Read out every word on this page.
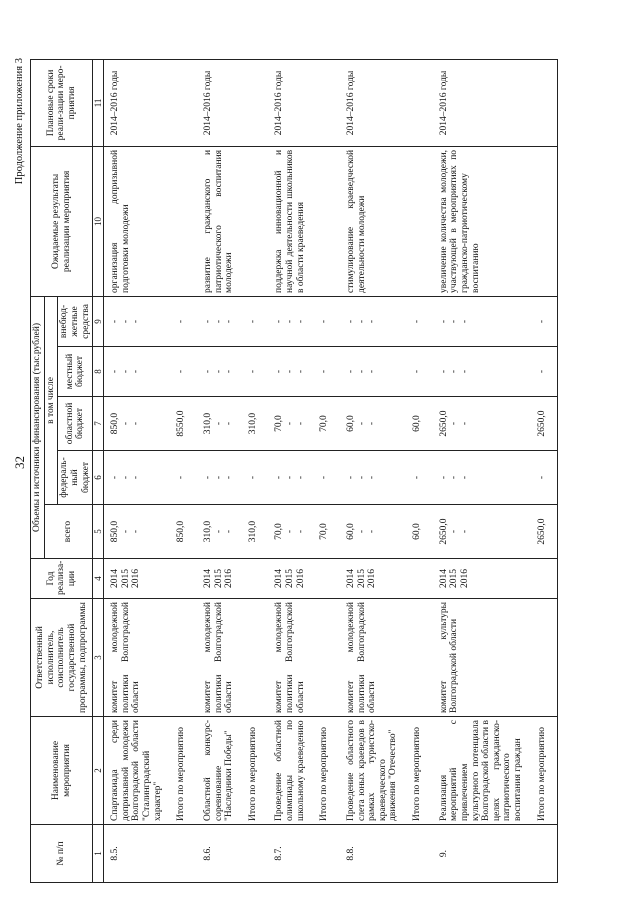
32
Продолжение приложения 3
№ п/п	Наименование мероприятия	Ответственный исполнитель, соисполнитель государственной программы, подпрограммы	Год реализа-ции	Объемы и источники финансирования (тыс.рублей)					Ожидаемые результаты реализации мероприятия	Плановые сроки реали-зации меро-приятия
				всего	в том числе					
					федераль-ный бюджет	областной бюджет	местный бюджет	внебюд-жетные средства		
1	2	3	4	5	6	7	8	9	10	11
8.5.	Спартакиада среди допризывной молодежи Волгоградской области "Сталинградский характер"	комитет молодежной политики Волгоградской области	2014 2015 2016	850,0 - -	- - -	850,0 - -	- - -	- - -	организация допризывной подготовки молодежи	2014–2016 годы
	Итого по мероприятию			850,0	-	8550,0	-	-		

8.6.	Областной конкурс-соревнование "Наследники Победы"	комитет молодежной политики Волгоградской области	2014 2015 2016	310,0 - -	- - -	310,0 - -	- - -	- - -	развитие гражданского и патриотического воспитания молодежи	2014–2016 годы
	Итого по мероприятию			310,0	-	310,0	-	-		

8.7.	Проведение областной олимпиады по школьному краеведению	комитет молодежной политики Волгоградской области	2014 2015 2016	70,0 - -	- - -	70,0 - -	- - -	- - -	поддержка инновационной и научной деятельности школьников в области краеведения	2014–2016 годы
	Итого по мероприятию			70,0	-	70,0	-	-		

8.8.	Проведение областного слета юных краеведов в рамках туристско-краеведческого движения "Отечество"	комитет молодежной политики Волгоградской области	2014 2015 2016	60,0 - -	- - -	60,0 - -	- - -	- - -	стимулирование краеведческой деятельности молодежи	2014–2016 годы
	Итого по мероприятию			60,0	-	60,0	-	-		

9.	Реализация мероприятий с привлечением культурного потенциала Волгоградской области в целях гражданско-патриотического воспитания граждан	комитет культуры Волгоградской области	2014 2015 2016	2650,0 - -	- - -	2650,0 - -	- - -	- - -	увеличение количества молодежи, участвующей в мероприятиях по гражданско-патриотическому воспитанию	2014–2016 годы
	Итого по мероприятию			2650,0	-	2650,0	-	-		
